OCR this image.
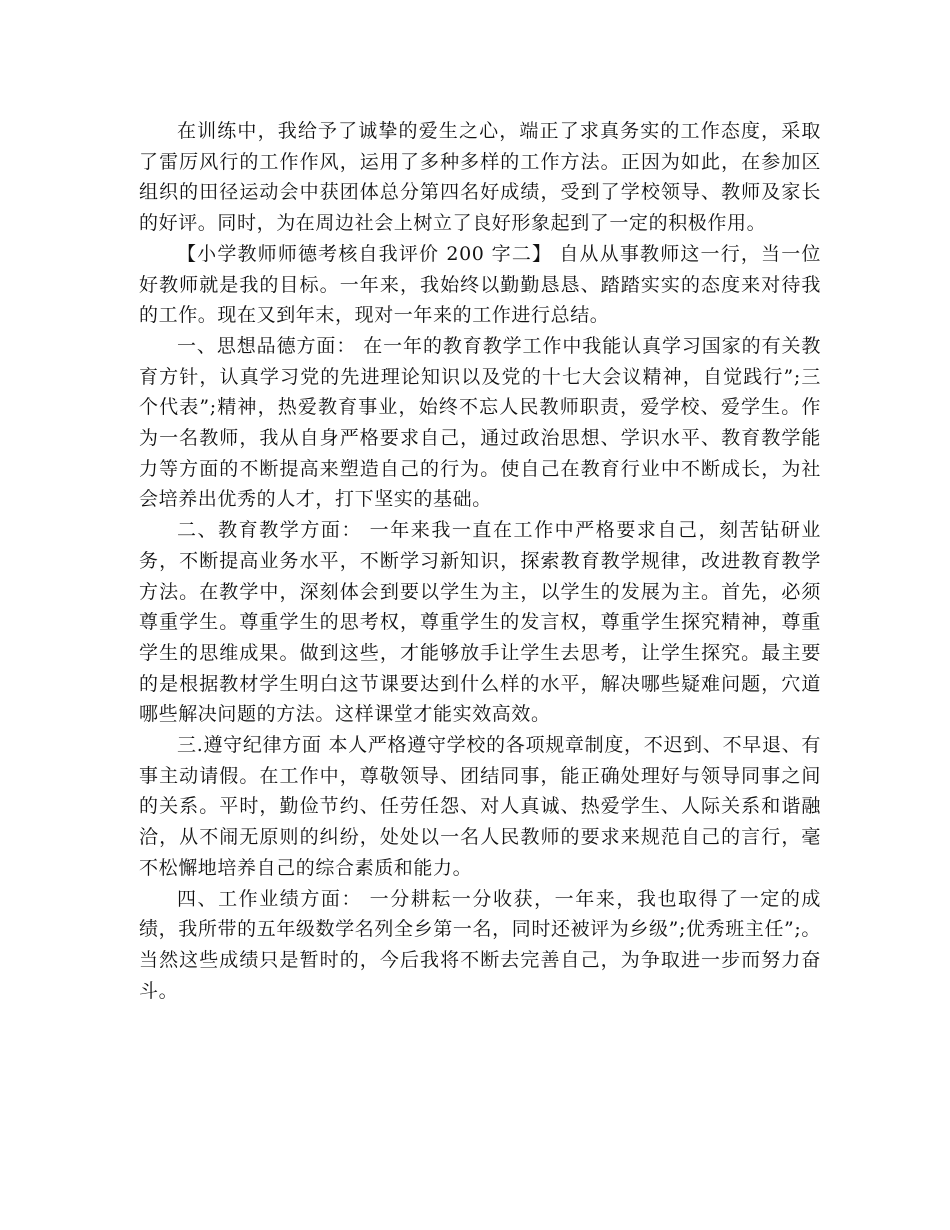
在训练中，我给予了诚挚的爱生之心，端正了求真务实的工作态度，采取了雷厉风行的工作作风，运用了多种多样的工作方法。正因为如此，在参加区组织的田径运动会中获团体总分第四名好成绩，受到了学校领导、教师及家长的好评。同时，为在周边社会上树立了良好形象起到了一定的积极作用。

【小学教师师德考核自我评价 200 字二】 自从从事教师这一行，当一位好教师就是我的目标。一年来，我始终以勤勤恳恳、踏踏实实的态度来对待我的工作。现在又到年末，现对一年来的工作进行总结。

一、思想品德方面： 在一年的教育教学工作中我能认真学习国家的有关教育方针，认真学习党的先进理论知识以及党的十七大会议精神，自觉践行”;三个代表”;精神，热爱教育事业，始终不忘人民教师职责，爱学校、爱学生。作为一名教师，我从自身严格要求自己，通过政治思想、学识水平、教育教学能力等方面的不断提高来塑造自己的行为。使自己在教育行业中不断成长，为社会培养出优秀的人才，打下坚实的基础。

二、教育教学方面： 一年来我一直在工作中严格要求自己，刻苦钻研业务，不断提高业务水平，不断学习新知识，探索教育教学规律，改进教育教学方法。在教学中，深刻体会到要以学生为主，以学生的发展为主。首先，必须尊重学生。尊重学生的思考权，尊重学生的发言权，尊重学生探究精神，尊重学生的思维成果。做到这些，才能够放手让学生去思考，让学生探究。最主要的是根据教材学生明白这节课要达到什么样的水平，解决哪些疑难问题，穴道哪些解决问题的方法。这样课堂才能实效高效。

三.遵守纪律方面 本人严格遵守学校的各项规章制度，不迟到、不早退、有事主动请假。在工作中，尊敬领导、团结同事，能正确处理好与领导同事之间的关系。平时，勤俭节约、任劳任怨、对人真诚、热爱学生、人际关系和谐融洽，从不闹无原则的纠纷，处处以一名人民教师的要求来规范自己的言行，毫不松懈地培养自己的综合素质和能力。

四、工作业绩方面： 一分耕耘一分收获，一年来，我也取得了一定的成绩，我所带的五年级数学名列全乡第一名，同时还被评为乡级”;优秀班主任”;。当然这些成绩只是暂时的，今后我将不断去完善自己，为争取进一步而努力奋斗。
